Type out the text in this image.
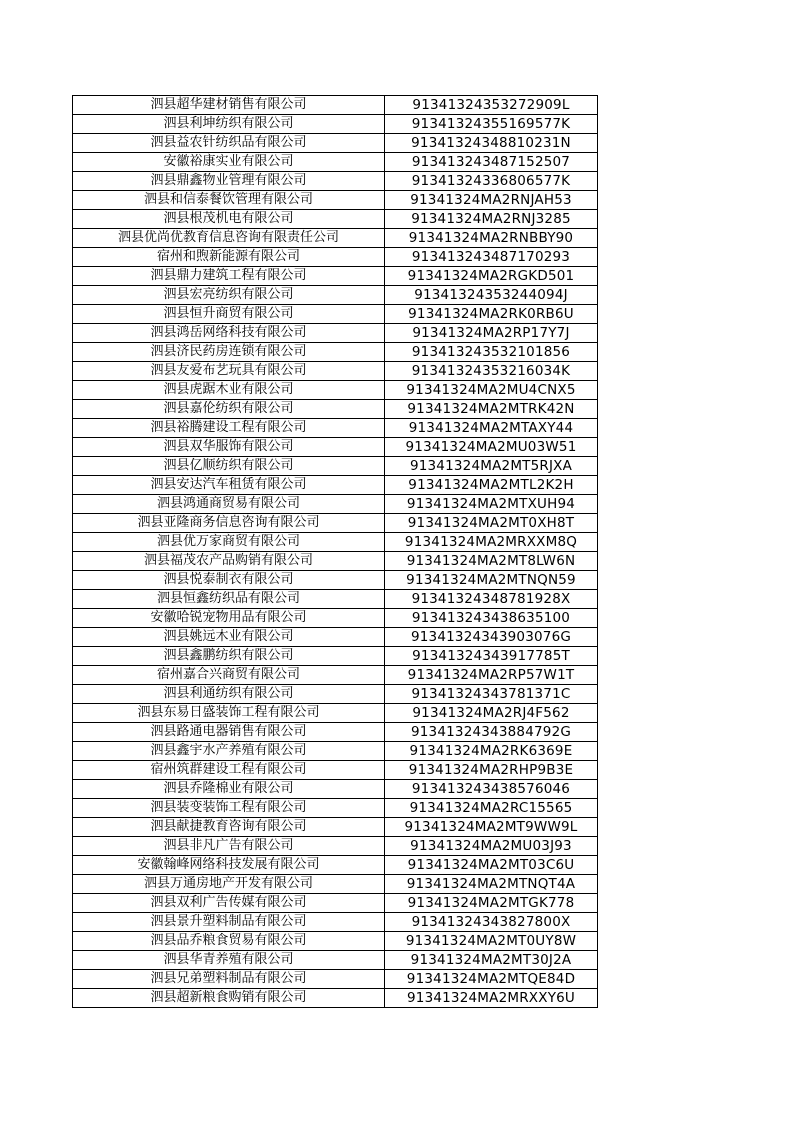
泗县超华建材销售有限公司	91341324353272909L
泗县利坤纺织有限公司	91341324355169577K
泗县益农针纺织品有限公司	91341324348810231N
安徽裕康实业有限公司	913413243487152507
泗县鼎鑫物业管理有限公司	91341324336806577K
泗县和信泰餐饮管理有限公司	91341324MA2RNJAH53
泗县根茂机电有限公司	91341324MA2RNJ3285
泗县优尚优教育信息咨询有限责任公司	91341324MA2RNBBY90
宿州和煦新能源有限公司	913413243487170293
泗县鼎力建筑工程有限公司	91341324MA2RGKD501
泗县宏亮纺织有限公司	91341324353244094J
泗县恒升商贸有限公司	91341324MA2RK0RB6U
泗县鸿岳网络科技有限公司	91341324MA2RP17Y7J
泗县济民药房连锁有限公司	913413243532101856
泗县友爱布艺玩具有限公司	91341324353216034K
泗县虎踞木业有限公司	91341324MA2MU4CNX5
泗县嘉伦纺织有限公司	91341324MA2MTRK42N
泗县裕腾建设工程有限公司	91341324MA2MTAXY44
泗县双华服饰有限公司	91341324MA2MU03W51
泗县亿顺纺织有限公司	91341324MA2MT5RJXA
泗县安达汽车租赁有限公司	91341324MA2MTL2K2H
泗县鸿通商贸易有限公司	91341324MA2MTXUH94
泗县亚隆商务信息咨询有限公司	91341324MA2MT0XH8T
泗县优万家商贸有限公司	91341324MA2MRXXM8Q
泗县福茂农产品购销有限公司	91341324MA2MT8LW6N
泗县悦泰制衣有限公司	91341324MA2MTNQN59
泗县恒鑫纺织品有限公司	91341324348781928X
安徽哈锐宠物用品有限公司	913413243438635100
泗县姚远木业有限公司	91341324343903076G
泗县鑫鹏纺织有限公司	91341324343917785T
宿州嘉合兴商贸有限公司	91341324MA2RP57W1T
泗县利通纺织有限公司	91341324343781371C
泗县东易日盛装饰工程有限公司	91341324MA2RJ4F562
泗县路通电器销售有限公司	91341324343884792G
泗县鑫宇水产养殖有限公司	91341324MA2RK6369E
宿州筑群建设工程有限公司	91341324MA2RHP9B3E
泗县乔隆棉业有限公司	913413243438576046
泗县装变装饰工程有限公司	91341324MA2RC15565
泗县献捷教育咨询有限公司	91341324MA2MT9WW9L
泗县非凡广告有限公司	91341324MA2MU03J93
安徽翰峰网络科技发展有限公司	91341324MA2MT03C6U
泗县万通房地产开发有限公司	91341324MA2MTNQT4A
泗县双利广告传媒有限公司	91341324MA2MTGK778
泗县景升塑料制品有限公司	91341324343827800X
泗县品乔粮食贸易有限公司	91341324MA2MT0UY8W
泗县华青养殖有限公司	91341324MA2MT30J2A
泗县兄弟塑料制品有限公司	91341324MA2MTQE84D
泗县超新粮食购销有限公司	91341324MA2MRXXY6U
